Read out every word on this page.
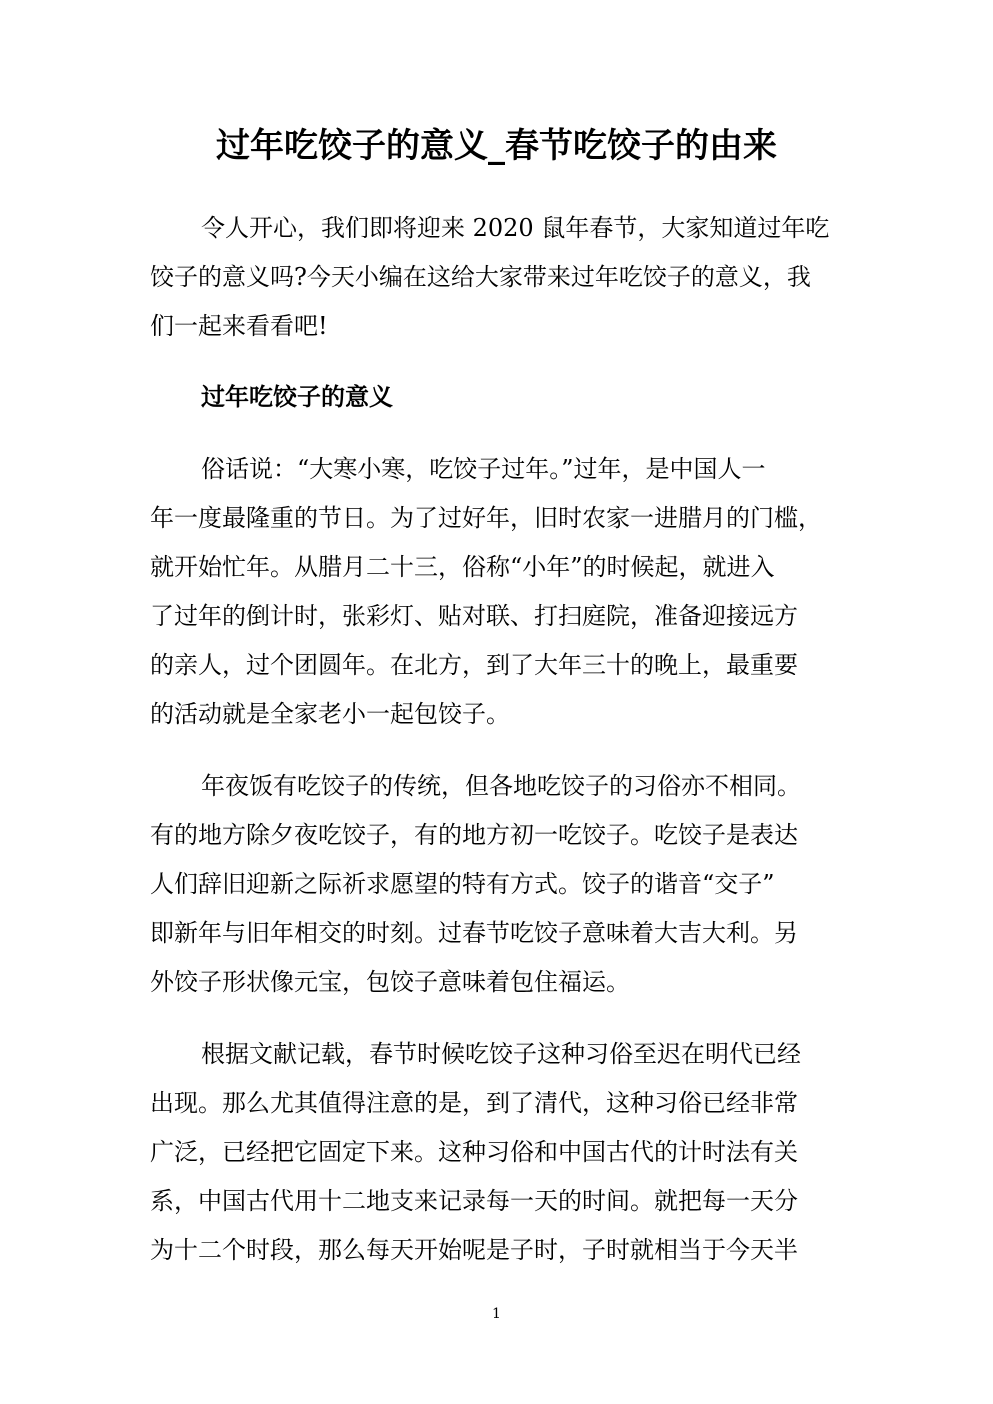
过年吃饺子的意义_春节吃饺子的由来
令人开心，我们即将迎来 2020 鼠年春节，大家知道过年吃
饺子的意义吗?今天小编在这给大家带来过年吃饺子的意义，我
们一起来看看吧!
过年吃饺子的意义
俗话说：“大寒小寒，吃饺子过年。”过年，是中国人一
年一度最隆重的节日。为了过好年，旧时农家一进腊月的门槛，
就开始忙年。从腊月二十三，俗称“小年”的时候起，就进入
了过年的倒计时，张彩灯、贴对联、打扫庭院，准备迎接远方
的亲人，过个团圆年。在北方，到了大年三十的晚上，最重要
的活动就是全家老小一起包饺子。
年夜饭有吃饺子的传统，但各地吃饺子的习俗亦不相同。
有的地方除夕夜吃饺子，有的地方初一吃饺子。吃饺子是表达
人们辞旧迎新之际祈求愿望的特有方式。饺子的谐音“交子”
即新年与旧年相交的时刻。过春节吃饺子意味着大吉大利。另
外饺子形状像元宝，包饺子意味着包住福运。
根据文献记载，春节时候吃饺子这种习俗至迟在明代已经
出现。那么尤其值得注意的是，到了清代，这种习俗已经非常
广泛，已经把它固定下来。这种习俗和中国古代的计时法有关
系，中国古代用十二地支来记录每一天的时间。就把每一天分
为十二个时段，那么每天开始呢是子时，子时就相当于今天半
1
